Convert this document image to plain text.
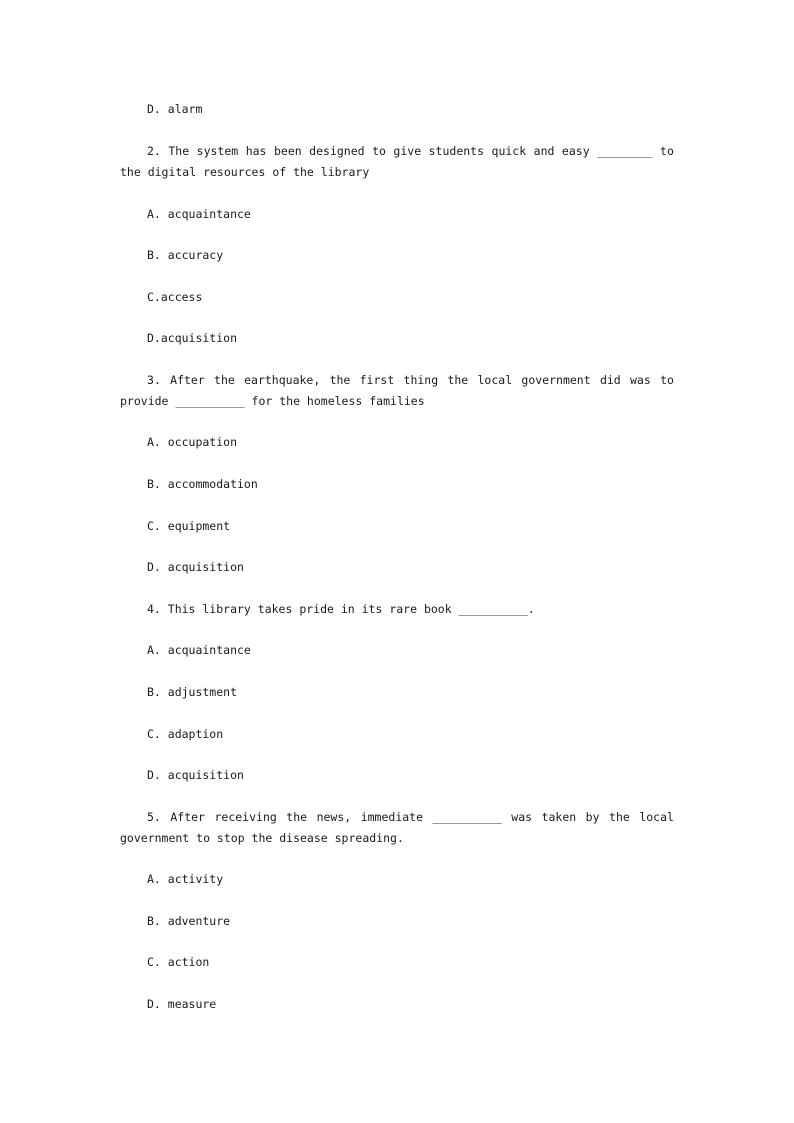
D. alarm
2. The system has been designed to give students quick and easy ________ to
the digital resources of the library
A. acquaintance
B. accuracy
C.access
D.acquisition
3. After the earthquake, the first thing the local government did was to
provide __________ for the homeless families
A. occupation
B. accommodation
C. equipment
D. acquisition
4. This library takes pride in its rare book __________.
A. acquaintance
B. adjustment
C. adaption
D. acquisition
5. After receiving the news, immediate __________ was taken by the local
government to stop the disease spreading.
A. activity
B. adventure
C. action
D. measure
